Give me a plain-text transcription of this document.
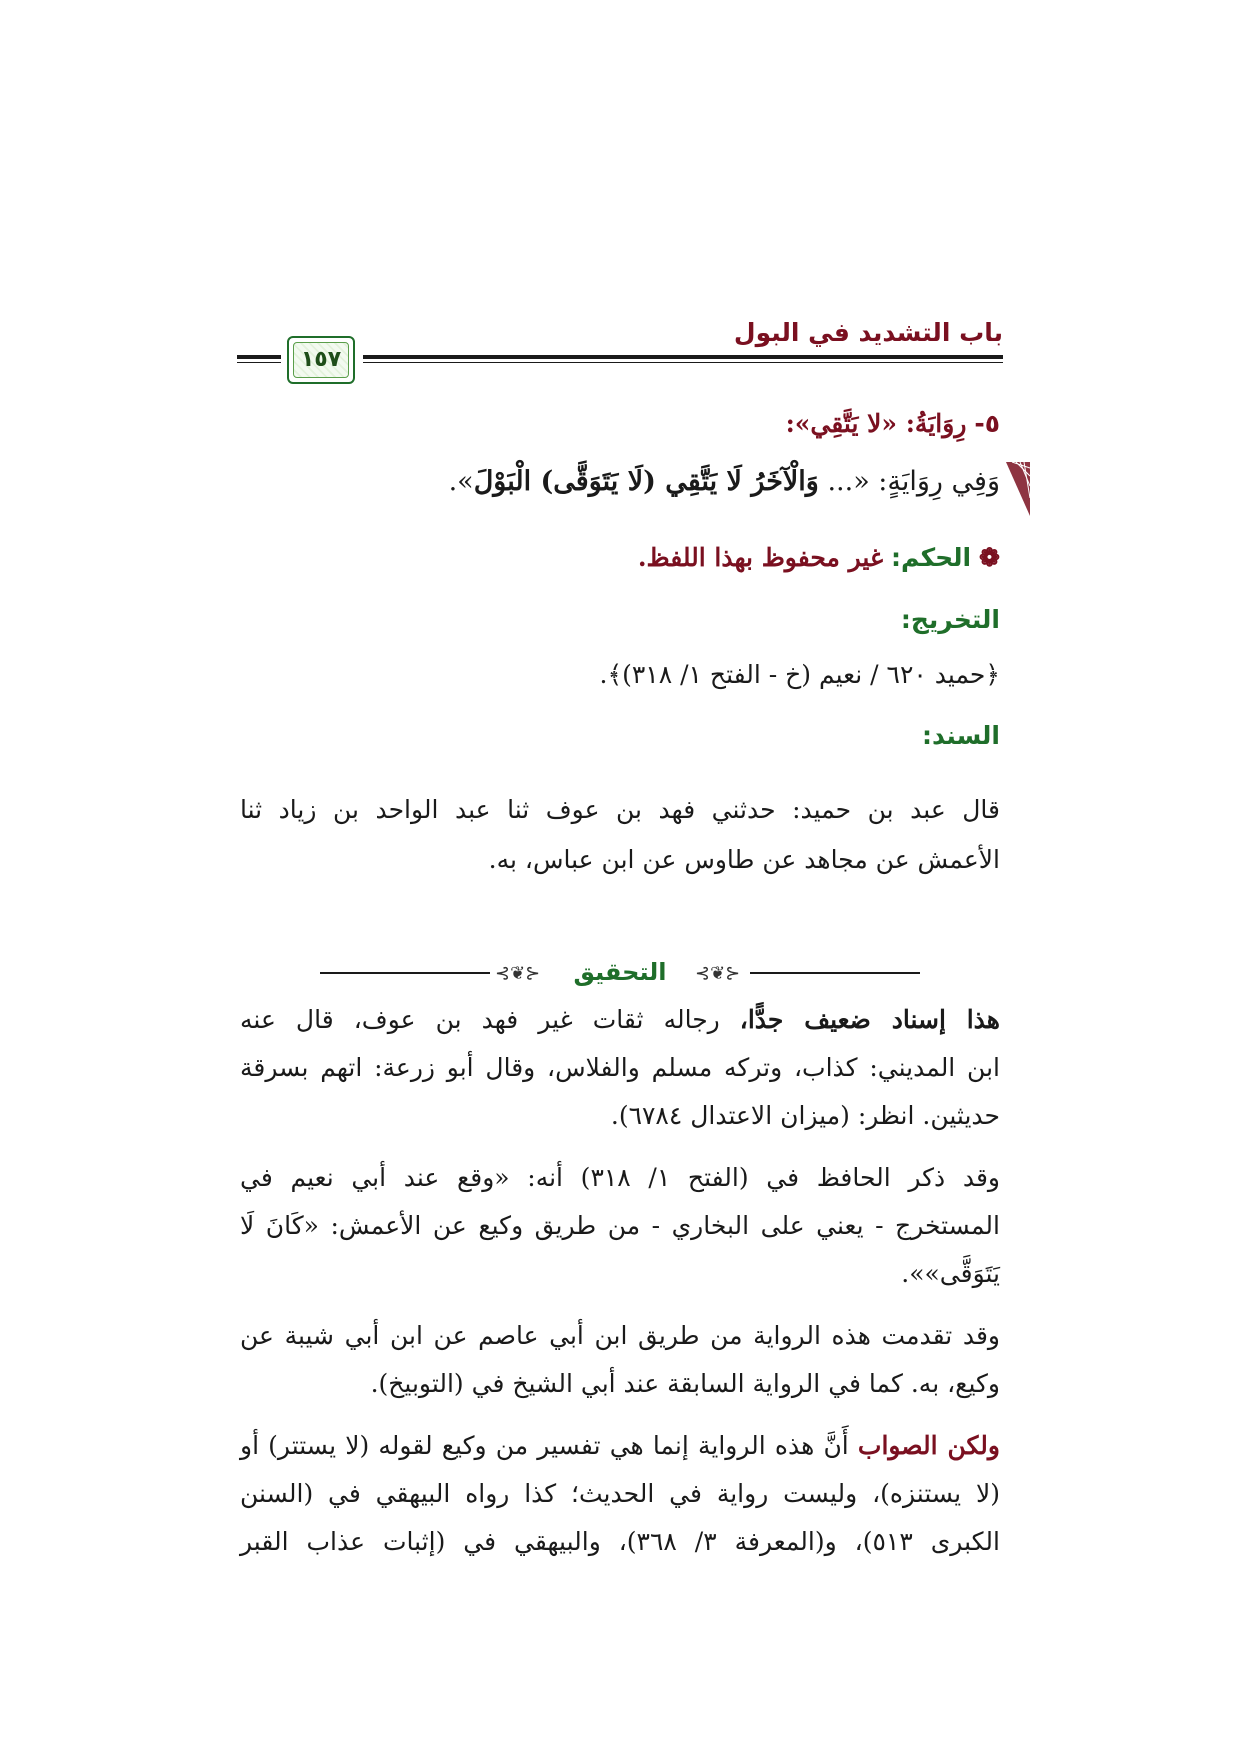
باب التشديد في البول
١٥٧
٥- رِوَايَةُ: «لا يَتَّقِي»:
وَفِي رِوَايَةٍ: «... وَالْآخَرُ لَا يَتَّقِي (لَا يَتَوَقَّى) الْبَوْلَ».
❁ الحكم: غير محفوظ بهذا اللفظ.
التخريج:
﴿حميد ٦٢٠ / نعيم (خ - الفتح ١/ ٣١٨)﴾.
السند:
قال عبد بن حميد: حدثني فهد بن عوف ثنا عبد الواحد بن زياد ثنا
الأعمش عن مجاهد عن طاوس عن ابن عباس، به.
هذا إسناد ضعيف جدًّا، رجاله ثقات غير فهد بن عوف، قال عنه
ابن المديني: كذاب، وتركه مسلم والفلاس، وقال أبو زرعة: اتهم بسرقة
حديثين. انظر: (ميزان الاعتدال ٦٧٨٤).
وقد ذكر الحافظ في (الفتح ١/ ٣١٨) أنه: «وقع عند أبي نعيم في
المستخرج - يعني على البخاري - من طريق وكيع عن الأعمش: «كَانَ لَا
يَتَوَقَّى»».
وقد تقدمت هذه الرواية من طريق ابن أبي عاصم عن ابن أبي شيبة عن
وكيع، به. كما في الرواية السابقة عند أبي الشيخ في (التوبيخ).
ولكن الصواب أَنَّ هذه الرواية إنما هي تفسير من وكيع لقوله (لا يستتر) أو
(لا يستنزه)، وليست رواية في الحديث؛ كذا رواه البيهقي في (السنن
الكبرى ٥١٣)، و(المعرفة ٣/ ٣٦٨)، والبيهقي في (إثبات عذاب القبر
⊰❦⊱	التحقيق	⊰❦⊱
